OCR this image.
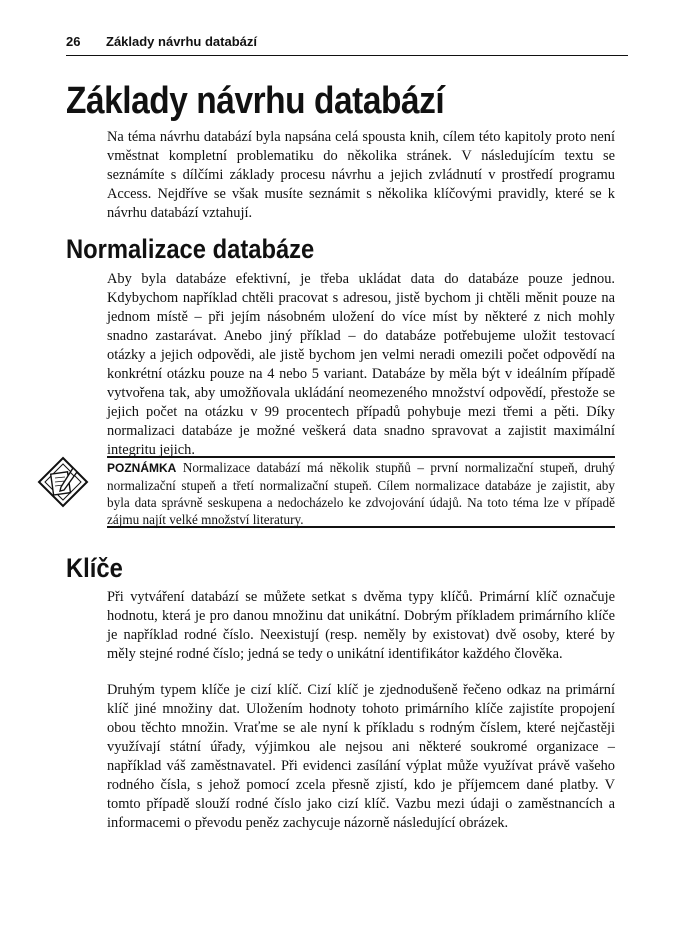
26 Základy návrhu databází
Základy návrhu databází

Na téma návrhu databází byla napsána celá spousta knih, cílem této kapitoly proto není vměstnat kompletní problematiku do několika stránek. V následujícím textu se seznámíte s dílčími základy procesu návrhu a jejich zvládnutí v prostředí programu Access. Nejdříve se však musíte seznámit s několika klíčovými pravidly, které se k návrhu databází vztahují.

Normalizace databáze

Aby byla databáze efektivní, je třeba ukládat data do databáze pouze jednou. Kdybychom například chtěli pracovat s adresou, jistě bychom ji chtěli měnit pouze na jednom místě – při jejím násobném uložení do více míst by některé z nich mohly snadno zastarávat. Anebo jiný příklad – do databáze potřebujeme uložit testovací otázky a jejich odpovědi, ale jistě bychom jen velmi neradi omezili počet odpovědí na konkrétní otázku pouze na 4 nebo 5 variant. Databáze by měla být v ideálním případě vytvořena tak, aby umožňovala ukládání neomezeného množství odpovědí, přestože se jejich počet na otázku v 99 procentech případů pohybuje mezi třemi a pěti. Díky normalizaci databáze je možné veškerá data snadno spravovat a zajistit maximální integritu jejich.

POZNÁMKA Normalizace databází má několik stupňů – první normalizační stupeň, druhý normalizační stupeň a třetí normalizační stupeň. Cílem normalizace databáze je zajistit, aby byla data správně seskupena a nedocházelo ke zdvojování údajů. Na toto téma lze v případě zájmu najít velké množství literatury.

Klíče

Při vytváření databází se můžete setkat s dvěma typy klíčů. Primární klíč označuje hodnotu, která je pro danou množinu dat unikátní. Dobrým příkladem primárního klíče je například rodné číslo. Neexistují (resp. neměly by existovat) dvě osoby, které by měly stejné rodné číslo; jedná se tedy o unikátní identifikátor každého člověka.

Druhým typem klíče je cizí klíč. Cizí klíč je zjednodušeně řečeno odkaz na primární klíč jiné množiny dat. Uložením hodnoty tohoto primárního klíče zajistíte propojení obou těchto množin. Vraťme se ale nyní k příkladu s rodným číslem, které nejčastěji využívají státní úřady, výjimkou ale nejsou ani některé soukromé organizace – například váš zaměstnavatel. Při evidenci zasílání výplat může využívat právě vašeho rodného čísla, s jehož pomocí zcela přesně zjistí, kdo je příjemcem dané platby. V tomto případě slouží rodné číslo jako cizí klíč. Vazbu mezi údaji o zaměstnancích a informacemi o převodu peněz zachycuje názorně následující obrázek.
